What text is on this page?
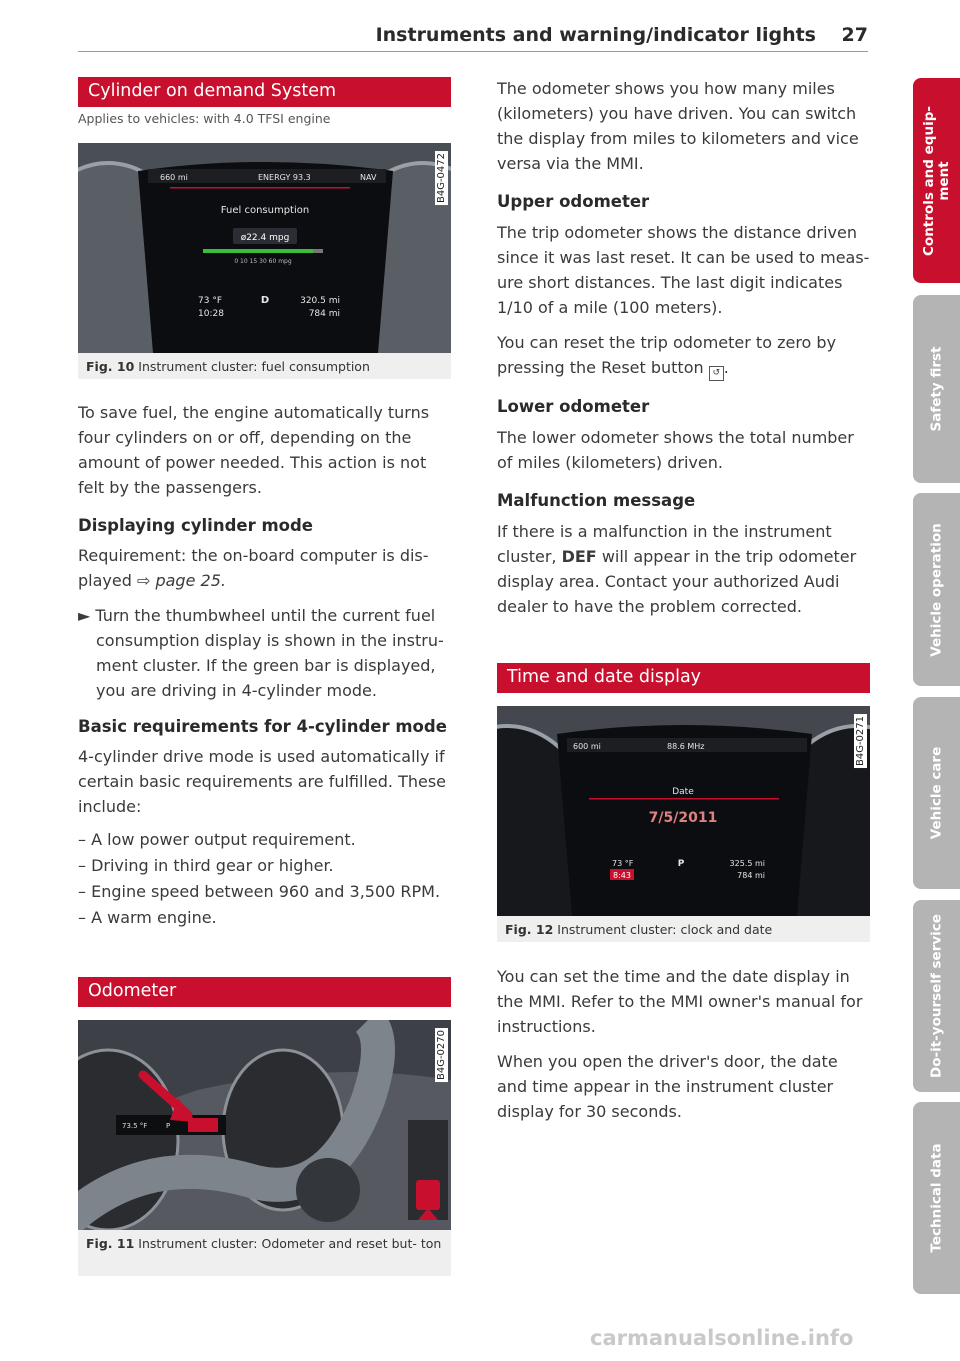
Instruments and warning/indicator lights 27
Cylinder on demand System
Applies to vehicles: with 4.0 TFSI engine
660 mi	ENERGY 93.3	NAV
Fuel consumption
ø22.4 mpg
0 10 15 30 60 mpg
73 °F
10:28
D	320.5 mi
784 mi
B4G-0472
Fig. 10 Instrument cluster: fuel consumption

To save fuel, the engine automatically turns four cylinders on or off, depending on the amount of power needed. This action is not felt by the passengers.

Displaying cylinder mode

Requirement: the on-board computer is dis- played ⇨ page 25.

► Turn the thumbwheel until the current fuel consumption display is shown in the instru- ment cluster. If the green bar is displayed, you are driving in 4-cylinder mode.
Basic requirements for 4-cylinder mode

4-cylinder drive mode is used automatically if certain basic requirements are fulfilled. These include:

– A low power output requirement.
– Driving in third gear or higher.
– Engine speed between 960 and 3,500 RPM.
– A warm engine.
Odometer
73.5 °F	P
B4G-0270
Fig. 11 Instrument cluster: Odometer and reset but- ton

The odometer shows you how many miles (kilometers) you have driven. You can switch the display from miles to kilometers and vice versa via the MMI.

Upper odometer

The trip odometer shows the distance driven since it was last reset. It can be used to meas- ure short distances. The last digit indicates 1/10 of a mile (100 meters).

You can reset the trip odometer to zero by pressing the Reset button ↺ .

Lower odometer

The lower odometer shows the total number of miles (kilometers) driven.

Malfunction message

If there is a malfunction in the instrument cluster, DEF will appear in the trip odometer display area. Contact your authorized Audi dealer to have the problem corrected.

Time and date display
600 mi	88.6 MHz
Date
7/5/2011
73 °F
8:43
P	325.5 mi
784 mi
B4G-0271
Fig. 12 Instrument cluster: clock and date

You can set the time and the date display in the MMI. Refer to the MMI owner's manual for instructions.

When you open the driver's door, the date and time appear in the instrument cluster display for 30 seconds.

Controls and equip- ment
Safety first
Vehicle operation
Vehicle care
Do-it-yourself service
Technical data
carmanualsonline.info
